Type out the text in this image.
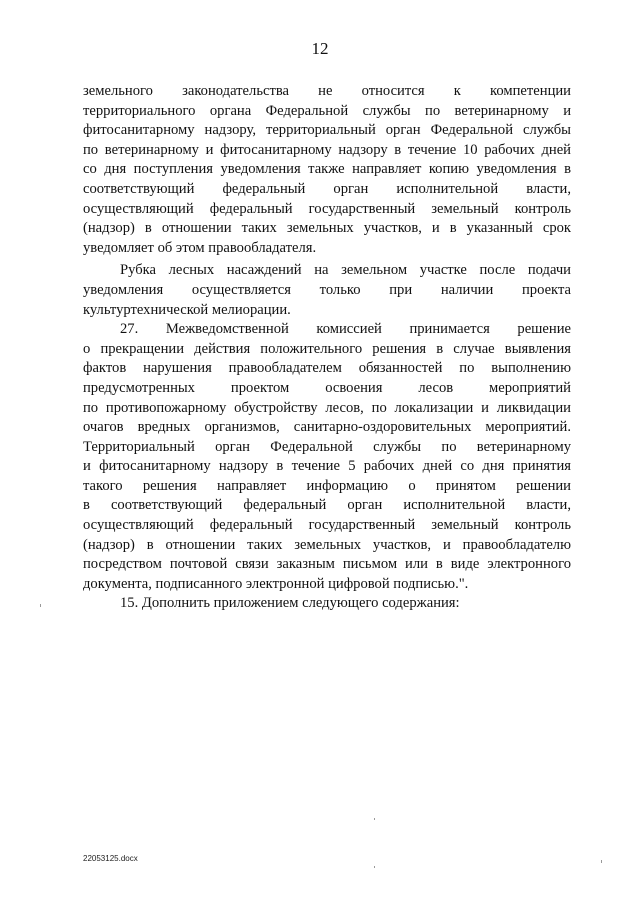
12
земельного законодательства не относится к компетенции
территориального органа Федеральной службы по ветеринарному и
фитосанитарному надзору, территориальный орган Федеральной службы
по ветеринарному и фитосанитарному надзору в течение 10 рабочих дней
со дня поступления уведомления также направляет копию уведомления в
соответствующий федеральный орган исполнительной власти,
осуществляющий федеральный государственный земельный контроль
(надзор) в отношении таких земельных участков, и в указанный срок
уведомляет об этом правообладателя.
Рубка лесных насаждений на земельном участке после подачи
уведомления осуществляется только при наличии проекта
культуртехнической мелиорации.
27. Межведомственной комиссией принимается решение
о прекращении действия положительного решения в случае выявления
фактов нарушения правообладателем обязанностей по выполнению
предусмотренных проектом освоения лесов мероприятий
по противопожарному обустройству лесов, по локализации и ликвидации
очагов вредных организмов, санитарно-оздоровительных мероприятий.
Территориальный орган Федеральной службы по ветеринарному
и фитосанитарному надзору в течение 5 рабочих дней со дня принятия
такого решения направляет информацию о принятом решении
в соответствующий федеральный орган исполнительной власти,
осуществляющий федеральный государственный земельный контроль
(надзор) в отношении таких земельных участков, и правообладателю
посредством почтовой связи заказным письмом или в виде электронного
документа, подписанного электронной цифровой подписью.".
15. Дополнить приложением следующего содержания:
22053125.docx
